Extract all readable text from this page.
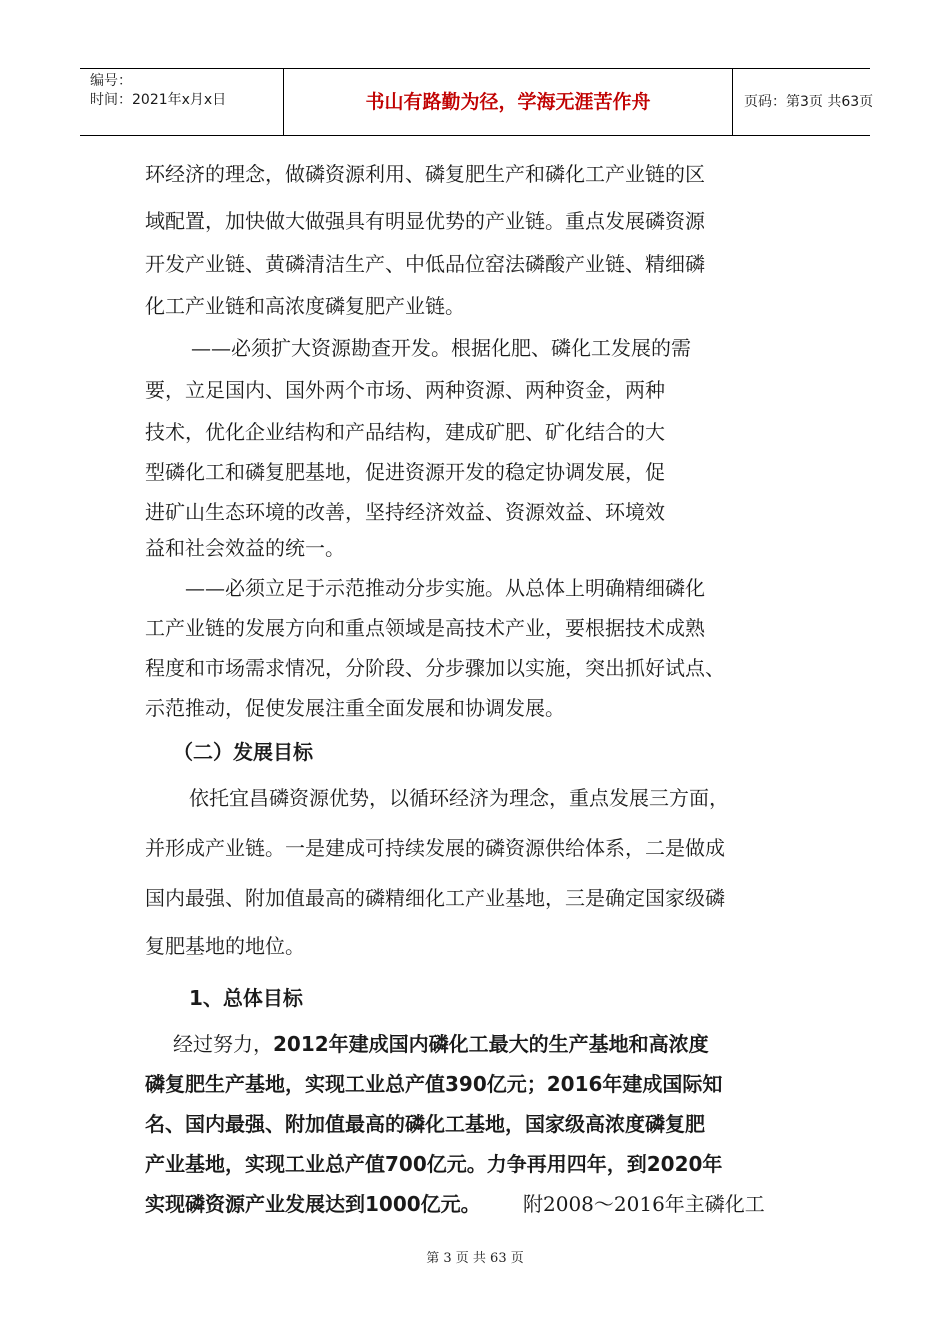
编号：
时间：2021年x月x日	书山有路勤为径，学海无涯苦作舟	页码：第3页 共63页
环经济的理念，做磷资源利用、磷复肥生产和磷化工产业链的区
域配置，加快做大做强具有明显优势的产业链。重点发展磷资源
开发产业链、黄磷清洁生产、中低品位窑法磷酸产业链、精细磷
化工产业链和高浓度磷复肥产业链。
——必须扩大资源勘查开发。根据化肥、磷化工发展的需
要，立足国内、国外两个市场、两种资源、两种资金，两种
技术，优化企业结构和产品结构，建成矿肥、矿化结合的大
型磷化工和磷复肥基地，促进资源开发的稳定协调发展，促
进矿山生态环境的改善，坚持经济效益、资源效益、环境效
益和社会效益的统一。
——必须立足于示范推动分步实施。从总体上明确精细磷化
工产业链的发展方向和重点领域是高技术产业，要根据技术成熟
程度和市场需求情况，分阶段、分步骤加以实施，突出抓好试点、
示范推动，促使发展注重全面发展和协调发展。
（二）发展目标
依托宜昌磷资源优势，以循环经济为理念，重点发展三方面，
并形成产业链。一是建成可持续发展的磷资源供给体系，二是做成
国内最强、附加值最高的磷精细化工产业基地，三是确定国家级磷
复肥基地的地位。
1、总体目标
经过努力， 2012年建成国内磷化工最大的生产基地和高浓度
磷复肥生产基地，实现工业总产值390亿元；2016年建成国际知
名、国内最强、附加值最高的磷化工基地，国家级高浓度磷复肥
产业基地，实现工业总产值700亿元。力争再用四年，到2020年
实现磷资源产业发展达到1000亿元。 附2008～2016年主磷化工
第 3 页 共 63 页
